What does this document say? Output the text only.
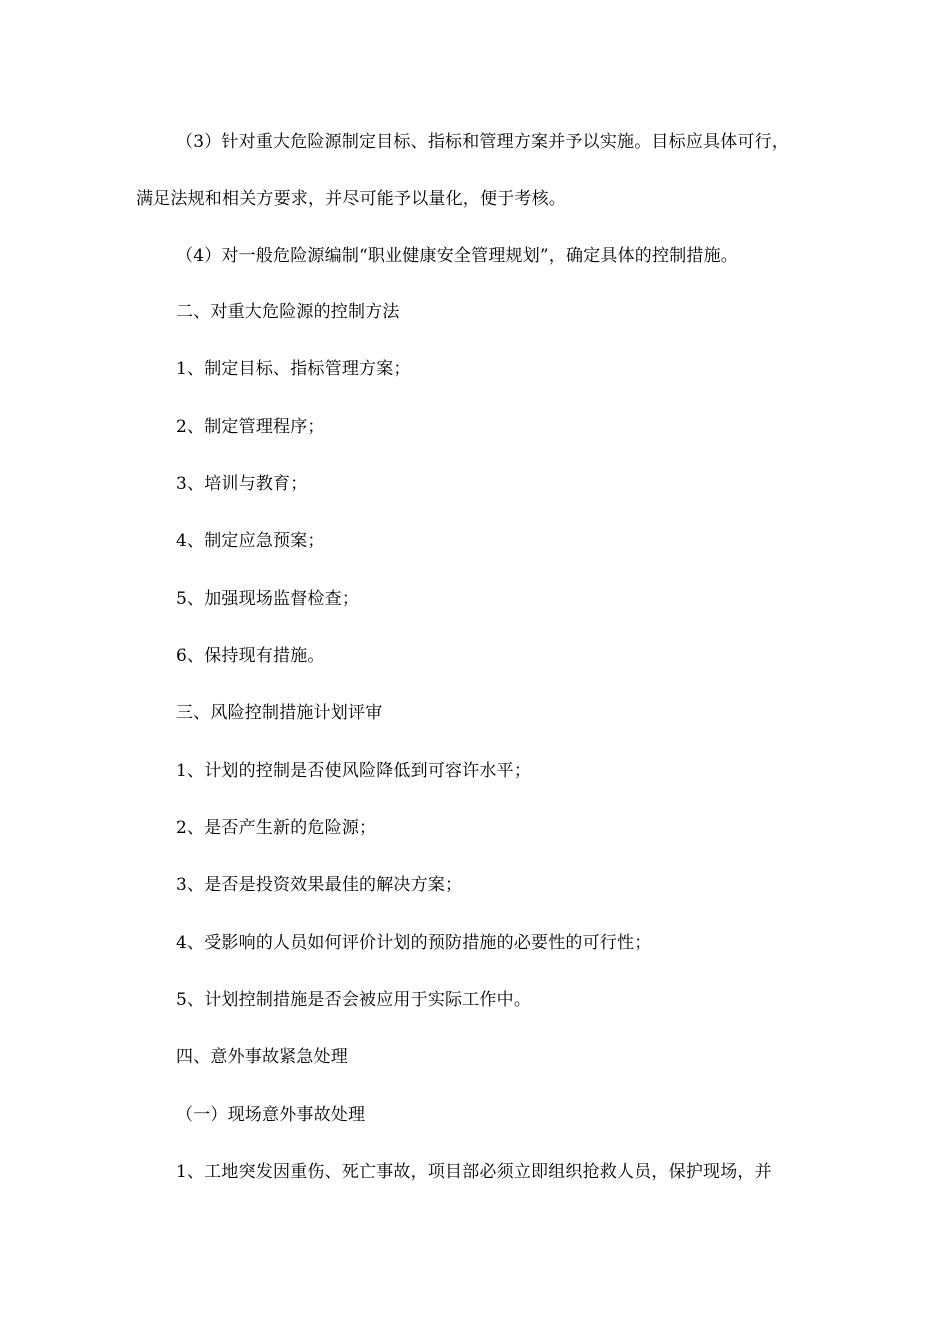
（3）针对重大危险源制定目标、指标和管理方案并予以实施。目标应具体可行，
满足法规和相关方要求，并尽可能予以量化，便于考核。
（4）对一般危险源编制“职业健康安全管理规划”，确定具体的控制措施。
二、对重大危险源的控制方法
1、制定目标、指标管理方案；
2、制定管理程序；
3、培训与教育；
4、制定应急预案；
5、加强现场监督检查；
6、保持现有措施。
三、风险控制措施计划评审
1、计划的控制是否使风险降低到可容许水平；
2、是否产生新的危险源；
3、是否是投资效果最佳的解决方案；
4、受影响的人员如何评价计划的预防措施的必要性的可行性；
5、计划控制措施是否会被应用于实际工作中。
四、意外事故紧急处理
（一）现场意外事故处理
1、工地突发因重伤、死亡事故，项目部必须立即组织抢救人员，保护现场，并
